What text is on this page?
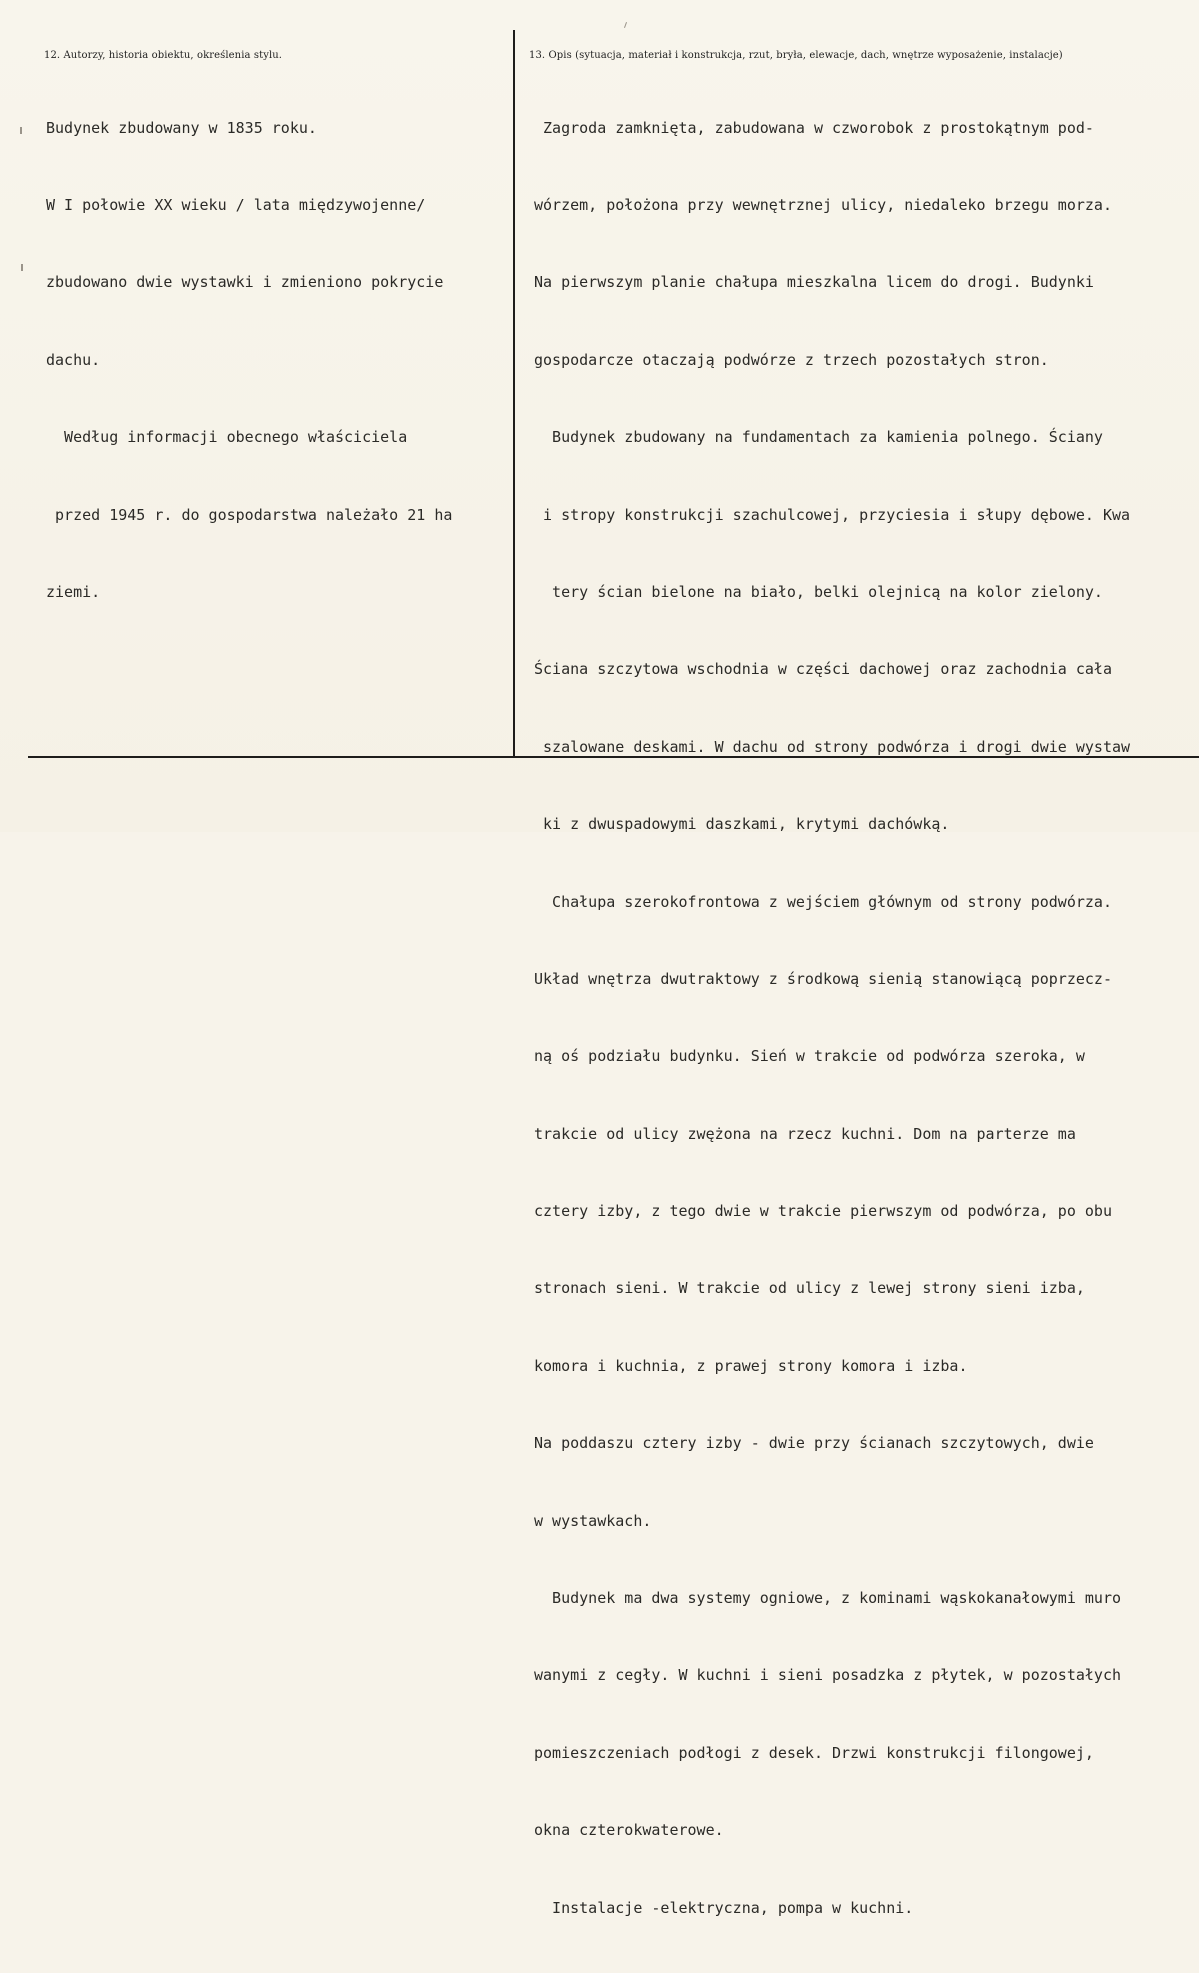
12. Autorzy, historia obiektu, określenia stylu.	13. Opis (sytuacja, materiał i konstrukcja, rzut, bryła, elewacje, dach, wnętrze wyposażenie, instalacje)

Budynek zbudowany w 1835 roku.

W I połowie XX wieku / lata międzywojenne/

zbudowano dwie wystawki i zmieniono pokrycie

dachu.

Według informacji obecnego właściciela

przed 1945 r. do gospodarstwa należało 21 ha

ziemi.

Zagroda zamknięta, zabudowana w czworobok z prostokątnym pod-

wórzem, położona przy wewnętrznej ulicy, niedaleko brzegu morza.

Na pierwszym planie chałupa mieszkalna licem do drogi. Budynki

gospodarcze otaczają podwórze z trzech pozostałych stron.

Budynek zbudowany na fundamentach za kamienia polnego. Ściany

i stropy konstrukcji szachulcowej, przyciesia i słupy dębowe. Kwa

tery ścian bielone na biało, belki olejnicą na kolor zielony.

Ściana szczytowa wschodnia w części dachowej oraz zachodnia cała

szalowane deskami. W dachu od strony podwórza i drogi dwie wystaw

ki z dwuspadowymi daszkami, krytymi dachówką.

Chałupa szerokofrontowa z wejściem głównym od strony podwórza.

Układ wnętrza dwutraktowy z środkową sienią stanowiącą poprzecz-

ną oś podziału budynku. Sień w trakcie od podwórza szeroka, w

trakcie od ulicy zwężona na rzecz kuchni. Dom na parterze ma

cztery izby, z tego dwie w trakcie pierwszym od podwórza, po obu

stronach sieni. W trakcie od ulicy z lewej strony sieni izba,

komora i kuchnia, z prawej strony komora i izba.

Na poddaszu cztery izby - dwie przy ścianach szczytowych, dwie

w wystawkach.

Budynek ma dwa systemy ogniowe, z kominami wąskokanałowymi muro

wanymi z cegły. W kuchni i sieni posadzka z płytek, w pozostałych

pomieszczeniach podłogi z desek. Drzwi konstrukcji filongowej,

okna czterokwaterowe.

Instalacje -elektryczna, pompa w kuchni.
